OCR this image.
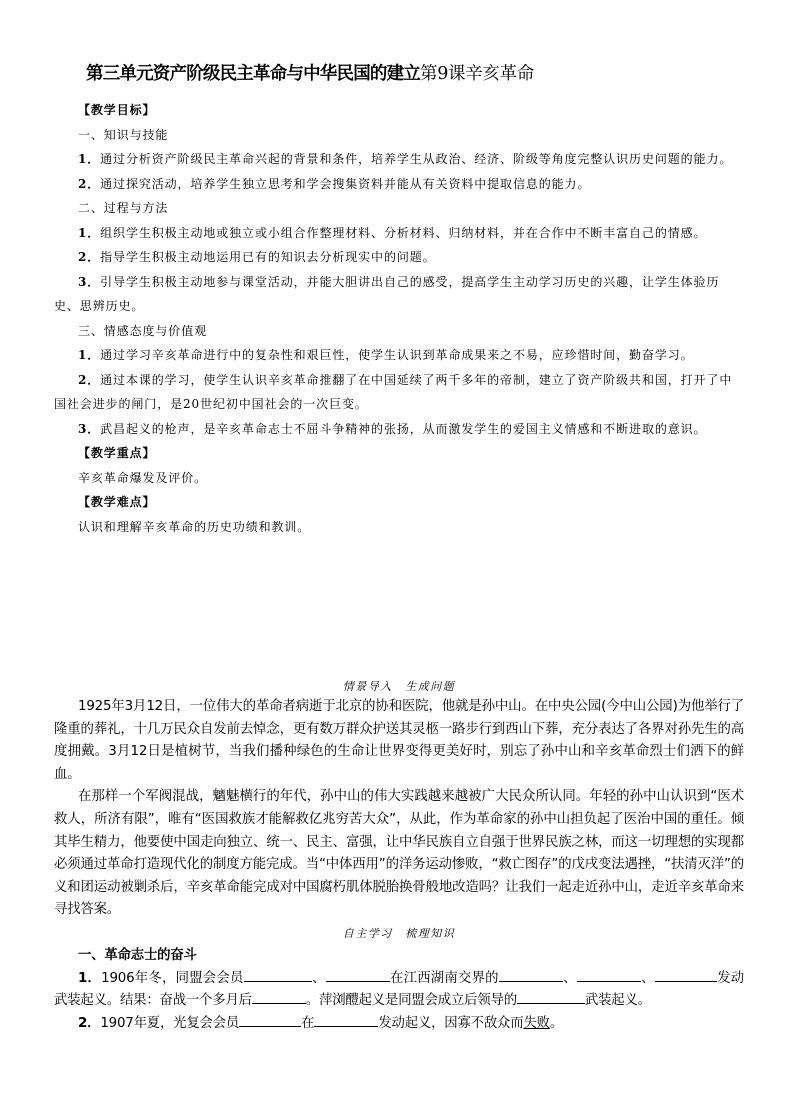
第三单元资产阶级民主革命与中华民国的建立第9课辛亥革命

【教学目标】

一、知识与技能

1．通过分析资产阶级民主革命兴起的背景和条件，培养学生从政治、经济、阶级等角度完整认识历史问题的能力。

2．通过探究活动，培养学生独立思考和学会搜集资料并能从有关资料中提取信息的能力。

二、过程与方法

1．组织学生积极主动地或独立或小组合作整理材料、分析材料、归纳材料，并在合作中不断丰富自己的情感。

2．指导学生积极主动地运用已有的知识去分析现实中的问题。

3．引导学生积极主动地参与课堂活动，并能大胆讲出自己的感受，提高学生主动学习历史的兴趣，让学生体验历史、思辨历史。

三、情感态度与价值观

1．通过学习辛亥革命进行中的复杂性和艰巨性，使学生认识到革命成果来之不易，应珍惜时间，勤奋学习。

2．通过本课的学习，使学生认识辛亥革命推翻了在中国延续了两千多年的帝制，建立了资产阶级共和国，打开了中国社会进步的闸门，是20世纪初中国社会的一次巨变。

3．武昌起义的枪声，是辛亥革命志士不屈斗争精神的张扬，从而激发学生的爱国主义情感和不断进取的意识。

【教学重点】

辛亥革命爆发及评价。

【教学难点】

认识和理解辛亥革命的历史功绩和教训。

情景导入　生成问题

1925年3月12日，一位伟大的革命者病逝于北京的协和医院，他就是孙中山。在中央公园(今中山公园)为他举行了隆重的葬礼，十几万民众自发前去悼念，更有数万群众护送其灵柩一路步行到西山下葬，充分表达了各界对孙先生的高度拥戴。3月12日是植树节，当我们播种绿色的生命让世界变得更美好时，别忘了孙中山和辛亥革命烈士们洒下的鲜血。

在那样一个军阀混战，魑魅横行的年代，孙中山的伟大实践越来越被广大民众所认同。年轻的孙中山认识到“医术救人，所济有限”，唯有“医国救族才能解救亿兆穷苦大众”，从此，作为革命家的孙中山担负起了医治中国的重任。倾其毕生精力，他要使中国走向独立、统一、民主、富强，让中华民族自立自强于世界民族之林，而这一切理想的实现都必须通过革命打造现代化的制度方能完成。当“中体西用”的洋务运动惨败，“救亡图存”的戊戌变法遇挫，“扶清灭洋”的义和团运动被剿杀后，辛亥革命能完成对中国腐朽肌体脱胎换骨般地改造吗？让我们一起走近孙中山，走近辛亥革命来寻找答案。

自主学习　梳理知识

一、革命志士的奋斗

1．1906年冬，同盟会会员	、	在江西湖南交界的	、	、	发动武装起义。结果：奋战一个多月后	。萍浏醴起义是同盟会成立后领导的	武装起义。

2．1907年夏，光复会会员	在	发动起义，因寡不敌众而失败。
